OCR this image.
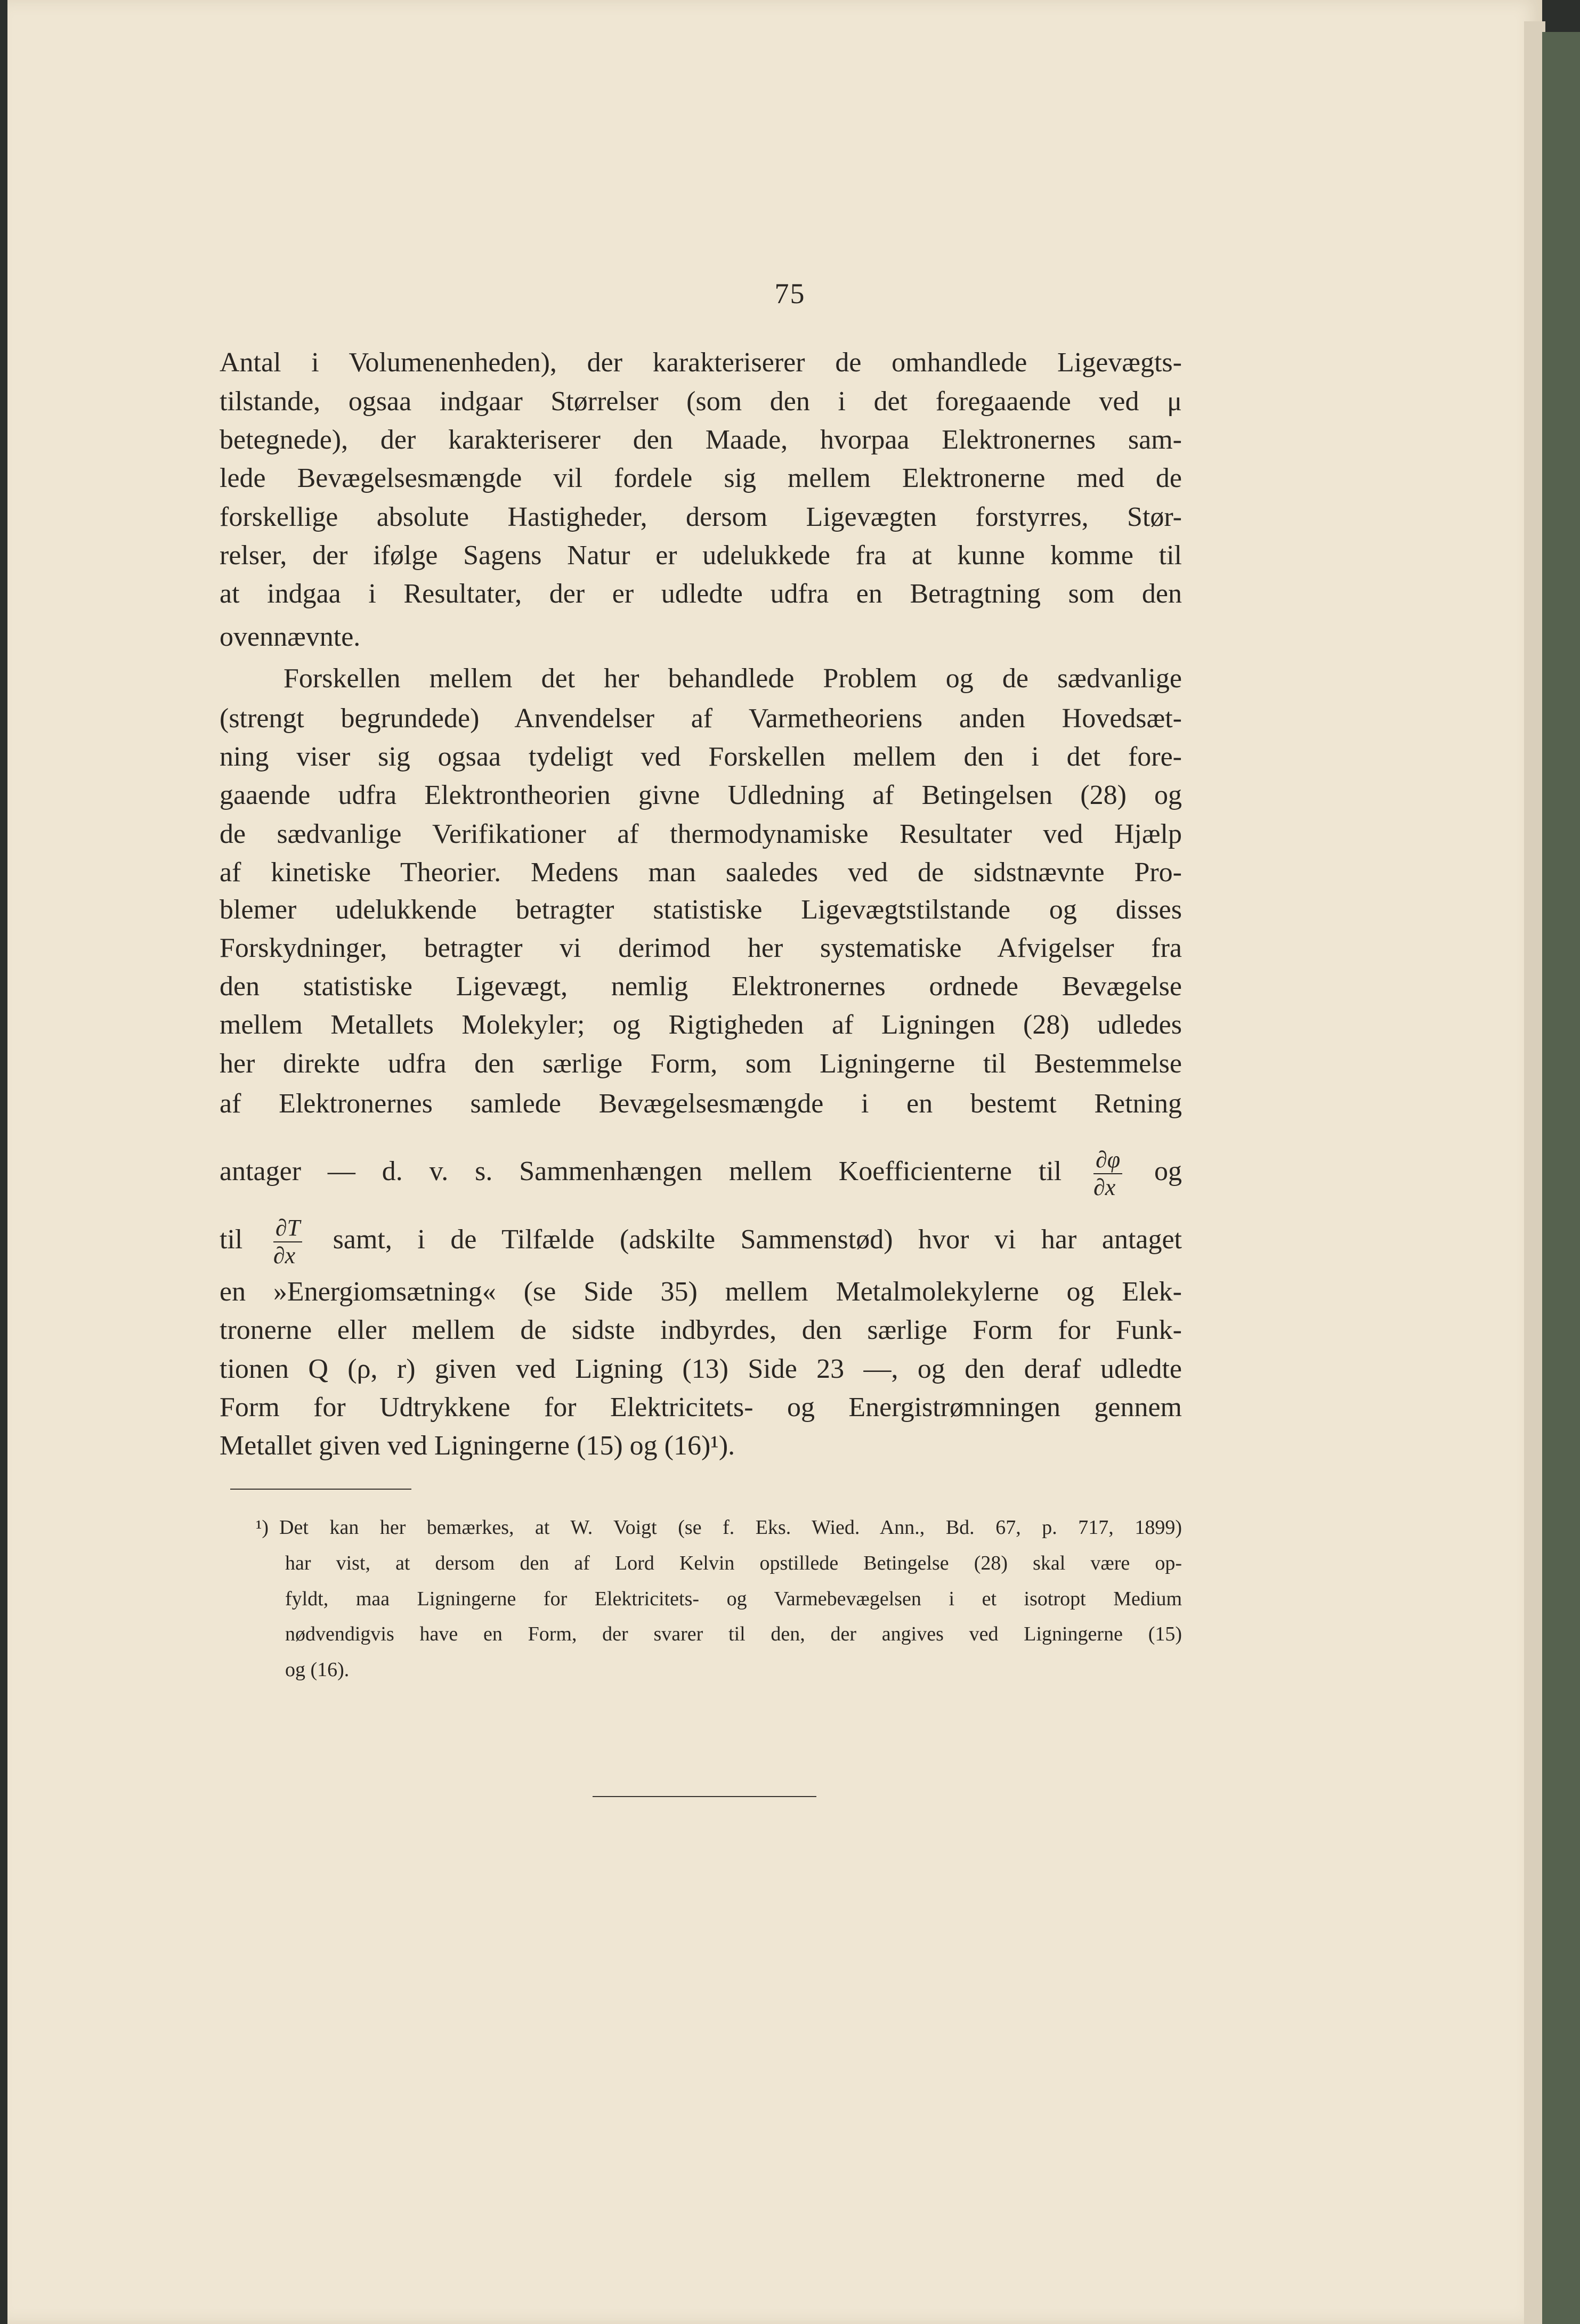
75
Antal i Volumenenheden), der karakteriserer de omhandlede Ligevægts-
tilstande, ogsaa indgaar Størrelser (som den i det foregaaende ved μ
betegnede), der karakteriserer den Maade, hvorpaa Elektronernes sam-
lede Bevægelsesmængde vil fordele sig mellem Elektronerne med de
forskellige absolute Hastigheder, dersom Ligevægten forstyrres, Stør-
relser, der ifølge Sagens Natur er udelukkede fra at kunne komme til
at indgaa i Resultater, der er udledte udfra en Betragtning som den
ovennævnte.
Forskellen mellem det her behandlede Problem og de sædvanlige
(strengt begrundede) Anvendelser af Varmetheoriens anden Hovedsæt-
ning viser sig ogsaa tydeligt ved Forskellen mellem den i det fore-
gaaende udfra Elektrontheorien givne Udledning af Betingelsen (28) og
de sædvanlige Verifikationer af thermodynamiske Resultater ved Hjælp
af kinetiske Theorier. Medens man saaledes ved de sidstnævnte Pro-
blemer udelukkende betragter statistiske Ligevægtstilstande og disses
Forskydninger, betragter vi derimod her systematiske Afvigelser fra
den statistiske Ligevægt, nemlig Elektronernes ordnede Bevægelse
mellem Metallets Molekyler; og Rigtigheden af Ligningen (28) udledes
her direkte udfra den særlige Form, som Ligningerne til Bestemmelse
af Elektronernes samlede Bevægelsesmængde i en bestemt Retning
antager — d. v. s. Sammenhængen mellem Koefficienterne til $\frac{\partial\varphi}{\partial x}$ og
til $\frac{\partial T}{\partial x}$ samt, i de Tilfælde (adskilte Sammenstød) hvor vi har antaget
en »Energiomsætning« (se Side 35) mellem Metalmolekylerne og Elek-
tronerne eller mellem de sidste indbyrdes, den særlige Form for Funk-
tionen Q (ρ, r) given ved Ligning (13) Side 23 —, og den deraf udledte
Form for Udtrykkene for Elektricitets- og Energistrømningen gennem
Metallet given ved Ligningerne (15) og (16)¹).
¹) Det kan her bemærkes, at W. Voigt (se f. Eks. Wied. Ann., Bd. 67, p. 717, 1899)
har vist, at dersom den af Lord Kelvin opstillede Betingelse (28) skal være op-
fyldt, maa Ligningerne for Elektricitets- og Varmebevægelsen i et isotropt Medium
nødvendigvis have en Form, der svarer til den, der angives ved Ligningerne (15)
og (16).
